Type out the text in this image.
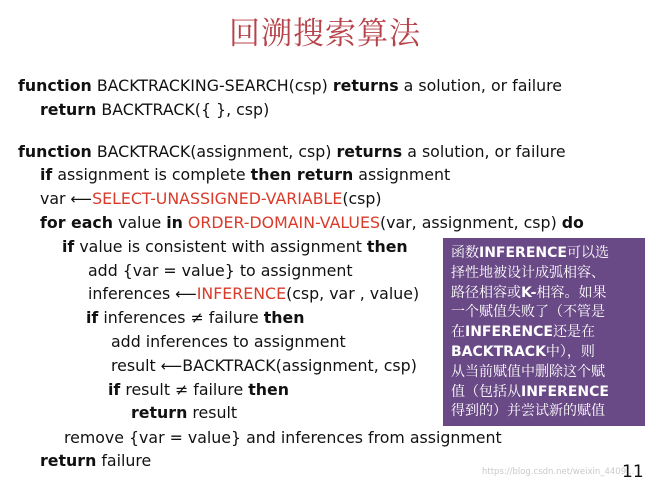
回溯搜索算法
function BACKTRACKING-SEARCH(csp) returns a solution, or failure
return BACKTRACK({ }, csp)
function BACKTRACK(assignment, csp) returns a solution, or failure
if assignment is complete then return assignment
var ⟵SELECT-UNASSIGNED-VARIABLE(csp)
for each value in ORDER-DOMAIN-VALUES(var, assignment, csp) do
if value is consistent with assignment then
add {var = value} to assignment
inferences ⟵INFERENCE(csp, var , value)
if inferences ≠ failure then
add inferences to assignment
result ⟵BACKTRACK(assignment, csp)
if result ≠ failure then
return result
remove {var = value} and inferences from assignment
return failure
函数INFERENCE可以选
择性地被设计成弧相容、
路径相容或K-相容。如果
一个赋值失败了（不管是
在INFERENCE还是在
BACKTRACK中），则
从当前赋值中删除这个赋
值（包括从INFERENCE
得到的）并尝试新的赋值
https://blog.csdn.net/weixin_4409...
11
